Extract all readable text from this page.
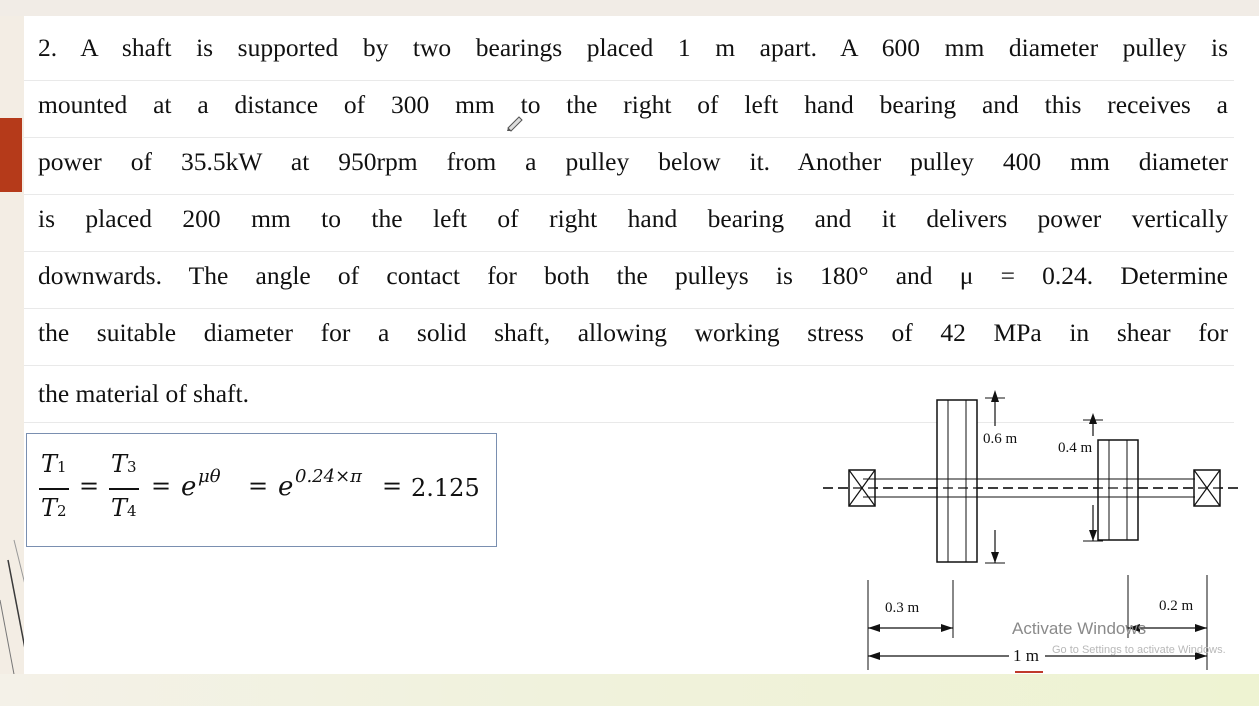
2. A shaft is supported by two bearings placed 1 m apart. A 600 mm diameter pulley is
mounted at a distance of 300 mm to the right of left hand bearing and this receives a
power of 35.5kW at 950rpm from a pulley below it. Another pulley 400 mm diameter
is placed 200 mm to the left of right hand bearing and it delivers power vertically
downwards. The angle of contact for both the pulleys is 180° and μ = 0.24. Determine
the suitable diameter for a solid shaft, allowing working stress of 42 MPa in shear for
the material of shaft.
T1
T2
=
T3
T4
= e μθ = e 0.24×π = 2.125
0.6 m
0.4 m
0.3 m	0.2 m
1 m
Activate Windows
Go to Settings to activate Windows.
